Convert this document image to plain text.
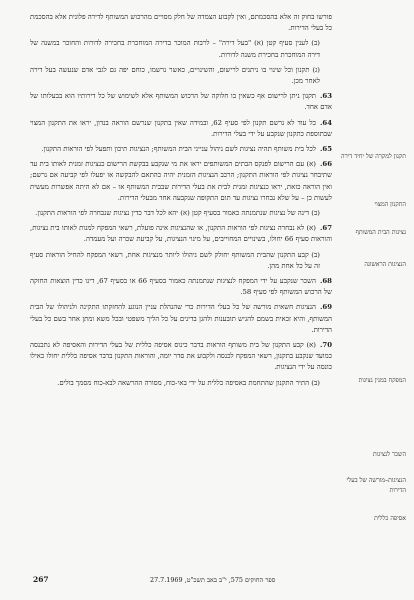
פורשו בחוק זה אלא בהסכמתם, ואין לקבוע הצמדה של חלק מסויים מהרכוש המשותף לדירה פלונית אלא בהסכמת כל בעלי הדירות.

(ב) לענין סעיף קטן (א) "בעל דירה" – לרבות המוכר בדירה המוחכרת בחכירה לדורות והחוכר במשנה של דירה המוחכרת בחכירת משנה לדורות.

(ג) תקנון וכל שינוי בו ניתנים לרישום, והשינויים, כאשר נרשמו, כוחם יפה גם לגבי אדם שנעשה בעל דירה לאחר מכן.

63.תקנון ניתן לרישום אף כשאין בו חלוקה של הרכוש המשותף אלא לשימוש של כל דירותיו הוא בבעלותו של אדם אחד.

64.כל עוד לא נרשם תקנון לפי סעיף 62, ובמידה שאין בתקנון שנרשם הוראה בנדון, יראו את התקנון המצוי שבתוספת כתקנון שנקבע על ידי בעלי הדירות.

65.לכל בית משותף תהיה נציגות לשם ניהול ענייני הבית המשותף; הנציגות תיכון ותפעל לפי הוראות התקנון.

66.(א) עם הרישום לפנקס הבתים המשותפים יראו את מי שנקבע בבקשת הרישום כנציגות זמנית לאותו בית עד שתיבחר נציגות לפי הוראות התקנון; הרכב הנציגות הזמנית יהיה כהתאם להבקשה או יפעלו לפי קביעה אם נרשם; ואין הוראה כזאת, יראו כנציגות זמנית לבית את בעלי הדירות שבבית המשותף או – אם לא היתה אפשרות מעשית לעשות כן – על שלא נבחרו נציגות עד תום התקופה שנקבעה אחד מבעלי הדירות.

(ב) דינה של נציגות שנתמנתה כאמור בסעיף קטן (א) יהא לכל דבר כדין נציגות שנבחרה לפי הוראות התקנון.

67.(א) לא נבחרה נציגות לפי הוראות התקנון, או שהנציגות אינה פועלת, רשאי המפקח למנות לאותו בית נציגות, והוראות סעיף 66 יחולו, בשינויים המחוייבים, על מינוי הנציגות, על קביעת שכרה ועל מעמדה.

(ב) קבע התקנון שהבית המשותף יחולק לשם ניהולו ליותר מנציגות אחת, רשאי המפקח להחיל הוראות סעיף זה על כל אחת מהן.

68.השכר שנקבע על ידי המפקח לנציגות שנתמנתה כאמור בסעיף 66 או בסעיף 67, דינו כדין הוצאות החזקה של הרכוש המשותף לפי סעיף 58.

69.הנציגות חשאית מורשה של כל בעלי הדירות כדי שהנהלת עניין הנוגע להחזקתו התקינה ולניהולו של הבית המשותף, והיא זכאית בשמם להגיש תובענות ולהגן בדינים על כל הליך משפטי ובכל משא ומתן אחר בשם כל בעלי הדירות.

70.(א) קבע התקנון של בית משותף הוראות בדבר כינוס אסיפה כללית של בעלי הדירות והאסיפה לא נתכנסה כמועד שנקבע בתקנון, רשאי המפקח לכנסה ולקבוע את סדר יומה, והוראות התקנון בדבר אסיפה כללית יחולו כאילו כונסה על ידי הנציגות.

(ב) התיר התקנון שהתחמת באסיפה כללית על ידי באי-כוח, מסורה ההרשאה לבא-כוח מסמך בולים.

תקנון למקרה של יחיד דירה
התקנון המצוי
נציגות הבית המשותף
הנציגות הראשונה
המפקח במנין נציגות
השכר לנציגות
הנציגות–מורשה של בעלי הדירות
אסיפה כללית
267	ספר החוקים 575, י"ב באב תשכ"ט, 27.7.1969
